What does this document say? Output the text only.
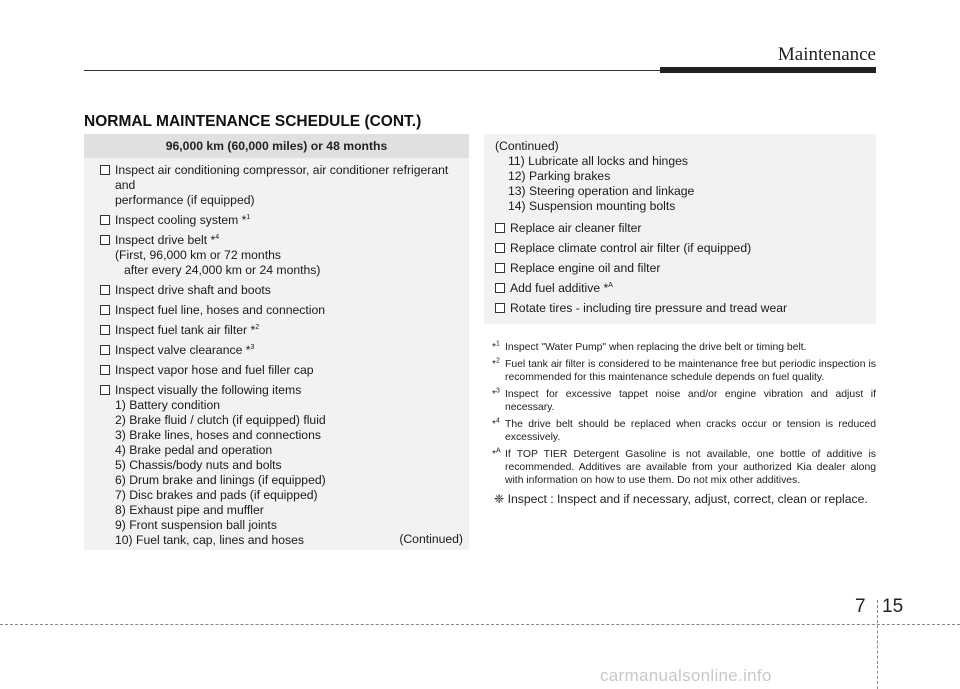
Maintenance
NORMAL MAINTENANCE SCHEDULE (CONT.)
96,000 km (60,000 miles) or 48 months
Inspect air conditioning compressor, air conditioner refrigerant and
performance (if equipped)
Inspect cooling system *$^1$
Inspect drive belt *$^4$
(First, 96,000 km or 72 months
after every 24,000 km or 24 months)
Inspect drive shaft and boots
Inspect fuel line, hoses and connection
Inspect fuel tank air filter *$^2$
Inspect valve clearance *$^3$
Inspect vapor hose and fuel filler cap
Inspect visually the following items
1) Battery condition
2) Brake fluid / clutch (if equipped) fluid
3) Brake lines, hoses and connections
4) Brake pedal and operation
5) Chassis/body nuts and bolts
6) Drum brake and linings (if equipped)
7) Disc brakes and pads (if equipped)
8) Exhaust pipe and muffler
9) Front suspension ball joints
10) Fuel tank, cap, lines and hoses	(Continued)
(Continued)
11) Lubricate all locks and hinges
12) Parking brakes
13) Steering operation and linkage
14) Suspension mounting bolts
Replace air cleaner filter
Replace climate control air filter (if equipped)
Replace engine oil and filter
Add fuel additive *$^A$
Rotate tires - including tire pressure and tread wear
*$^1$ Inspect "Water Pump" when replacing the drive belt or timing belt.
*$^2$ Fuel tank air filter is considered to be maintenance free but periodic inspection is recommended for this maintenance schedule depends on fuel quality.
*$^3$ Inspect for excessive tappet noise and/or engine vibration and adjust if necessary.
*$^4$ The drive belt should be replaced when cracks occur or tension is reduced excessively.
*$^A$ If TOP TIER Detergent Gasoline is not available, one bottle of additive is recommended. Additives are available from your authorized Kia dealer along with information on how to use them. Do not mix other additives.
❈ Inspect : Inspect and if necessary, adjust, correct, clean or replace.
7 15
carmanualsonline.info
